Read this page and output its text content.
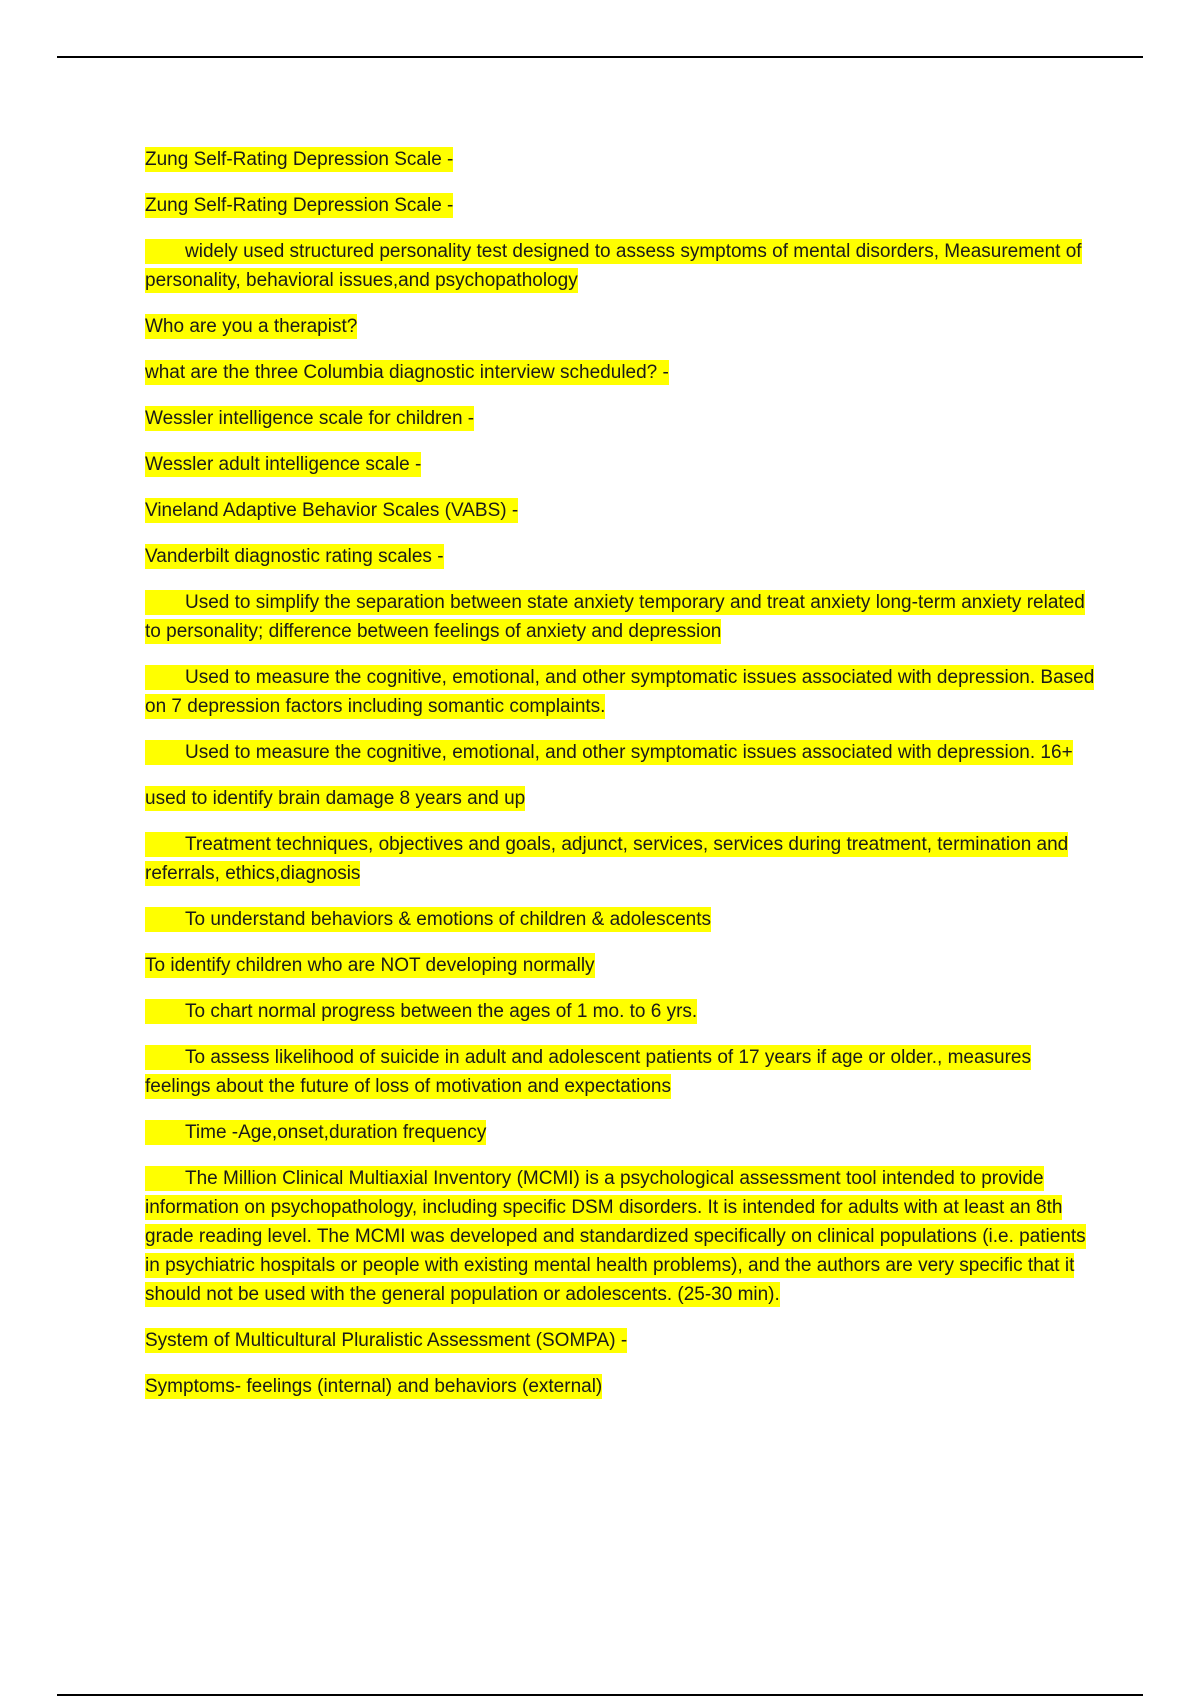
Zung Self-Rating Depression Scale -

Zung Self-Rating Depression Scale -

widely used structured personality test designed to assess symptoms of mental disorders, Measurement of personality, behavioral issues,and psychopathology

Who are you a therapist?

what are the three Columbia diagnostic interview scheduled? -

Wessler intelligence scale for children -

Wessler adult intelligence scale -

Vineland Adaptive Behavior Scales (VABS) -

Vanderbilt diagnostic rating scales -

Used to simplify the separation between state anxiety temporary and treat anxiety long-term anxiety related to personality; difference between feelings of anxiety and depression

Used to measure the cognitive, emotional, and other symptomatic issues associated with depression. Based on 7 depression factors including somantic complaints.

Used to measure the cognitive, emotional, and other symptomatic issues associated with depression. 16+

used to identify brain damage 8 years and up

Treatment techniques, objectives and goals, adjunct, services, services during treatment, termination and referrals, ethics,diagnosis

To understand behaviors & emotions of children & adolescents

To identify children who are NOT developing normally

To chart normal progress between the ages of 1 mo. to 6 yrs.

To assess likelihood of suicide in adult and adolescent patients of 17 years if age or older., measures feelings about the future of loss of motivation and expectations

Time -Age,onset,duration frequency

The Million Clinical Multiaxial Inventory (MCMI) is a psychological assessment tool intended to provide information on psychopathology, including specific DSM disorders. It is intended for adults with at least an 8th grade reading level. The MCMI was developed and standardized specifically on clinical populations (i.e. patients in psychiatric hospitals or people with existing mental health problems), and the authors are very specific that it should not be used with the general population or adolescents. (25-30 min).

System of Multicultural Pluralistic Assessment (SOMPA) -

Symptoms- feelings (internal) and behaviors (external)
